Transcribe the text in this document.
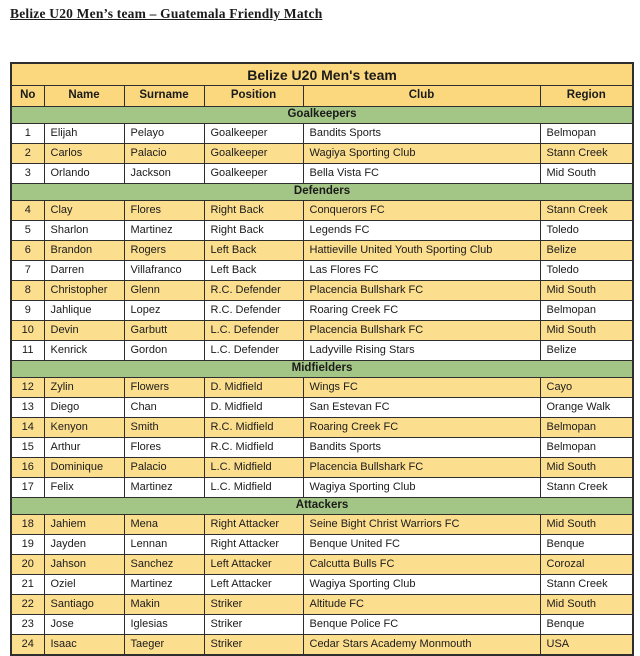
Belize U20 Men’s team – Guatemala Friendly Match
Belize U20 Men's team					
No	Name	Surname	Position	Club	Region
Goalkeepers					
1	Elijah	Pelayo	Goalkeeper	Bandits Sports	Belmopan
2	Carlos	Palacio	Goalkeeper	Wagiya Sporting Club	Stann Creek
3	Orlando	Jackson	Goalkeeper	Bella Vista FC	Mid South
Defenders					
4	Clay	Flores	Right Back	Conquerors FC	Stann Creek
5	Sharlon	Martinez	Right Back	Legends FC	Toledo
6	Brandon	Rogers	Left Back	Hattieville United Youth Sporting Club	Belize
7	Darren	Villafranco	Left Back	Las Flores FC	Toledo
8	Christopher	Glenn	R.C. Defender	Placencia Bullshark FC	Mid South
9	Jahlique	Lopez	R.C. Defender	Roaring Creek FC	Belmopan
10	Devin	Garbutt	L.C. Defender	Placencia Bullshark FC	Mid South
11	Kenrick	Gordon	L.C. Defender	Ladyville Rising Stars	Belize
Midfielders					
12	Zylin	Flowers	D. Midfield	Wings FC	Cayo
13	Diego	Chan	D. Midfield	San Estevan FC	Orange Walk
14	Kenyon	Smith	R.C. Midfield	Roaring Creek FC	Belmopan
15	Arthur	Flores	R.C. Midfield	Bandits Sports	Belmopan
16	Dominique	Palacio	L.C. Midfield	Placencia Bullshark FC	Mid South
17	Felix	Martinez	L.C. Midfield	Wagiya Sporting Club	Stann Creek
Attackers					
18	Jahiem	Mena	Right Attacker	Seine Bight Christ Warriors FC	Mid South
19	Jayden	Lennan	Right Attacker	Benque United FC	Benque
20	Jahson	Sanchez	Left Attacker	Calcutta Bulls FC	Corozal
21	Oziel	Martinez	Left Attacker	Wagiya Sporting Club	Stann Creek
22	Santiago	Makin	Striker	Altitude FC	Mid South
23	Jose	Iglesias	Striker	Benque Police FC	Benque
24	Isaac	Taeger	Striker	Cedar Stars Academy Monmouth	USA
